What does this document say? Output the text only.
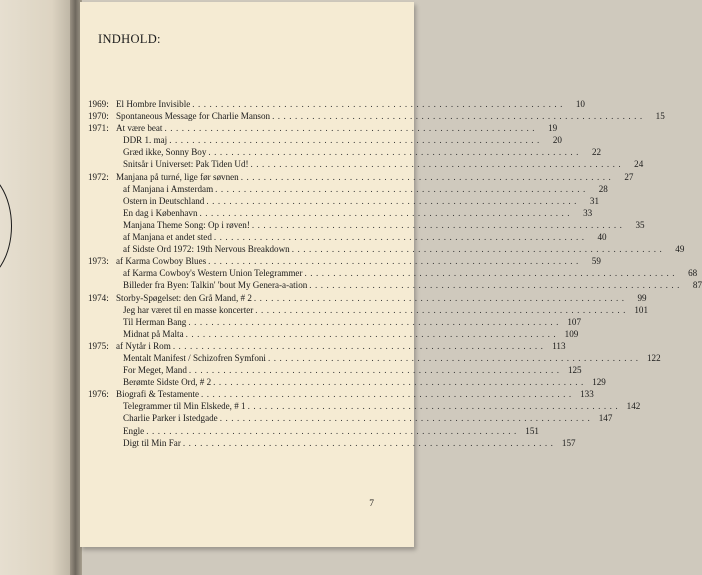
INDHOLD:
1969: El Hombre Invisible . . .	10
1970: Spontaneous Message for Charlie Manson . . .	15
1971: At være beat . . .	19
DDR 1. maj . . .	20
Græd ikke, Sonny Boy . . .	22
Snitsår i Universet: Pak Tiden Ud! . . .	24
1972: Manjana på turné, lige før søvnen . . .	27
af Manjana i Amsterdam . . .	28
Ostern in Deutschland . . .	31
En dag i København . . .	33
Manjana Theme Song: Op i røven! . . .	35
af Manjana et andet sted . . .	40
af Sidste Ord 1972: 19th Nervous Breakdown . . .	49
1973: af Karma Cowboy Blues . . .	59
af Karma Cowboy's Western Union Telegrammer . . .	68
Billeder fra Byen: Talkin' 'bout My Genera-a-ation . . .	87
1974: Storby-Spøgelset: den Grå Mand, # 2 . . .	99
Jeg har været til en masse koncerter . . .	101
Til Herman Bang . . .	107
Midnat på Malta . . .	109
1975: af Nytår i Rom . . .	113
Mentalt Manifest / Schizofren Symfoni . . .	122
For Meget, Mand . . .	125
Berømte Sidste Ord, # 2 . . .	129
1976: Biografi & Testamente . . .	133
Telegrammer til Min Elskede, # 1 . . .	142
Charlie Parker i Istedgade . . .	147
Engle . . .	151
Digt til Min Far . . .	157
7
